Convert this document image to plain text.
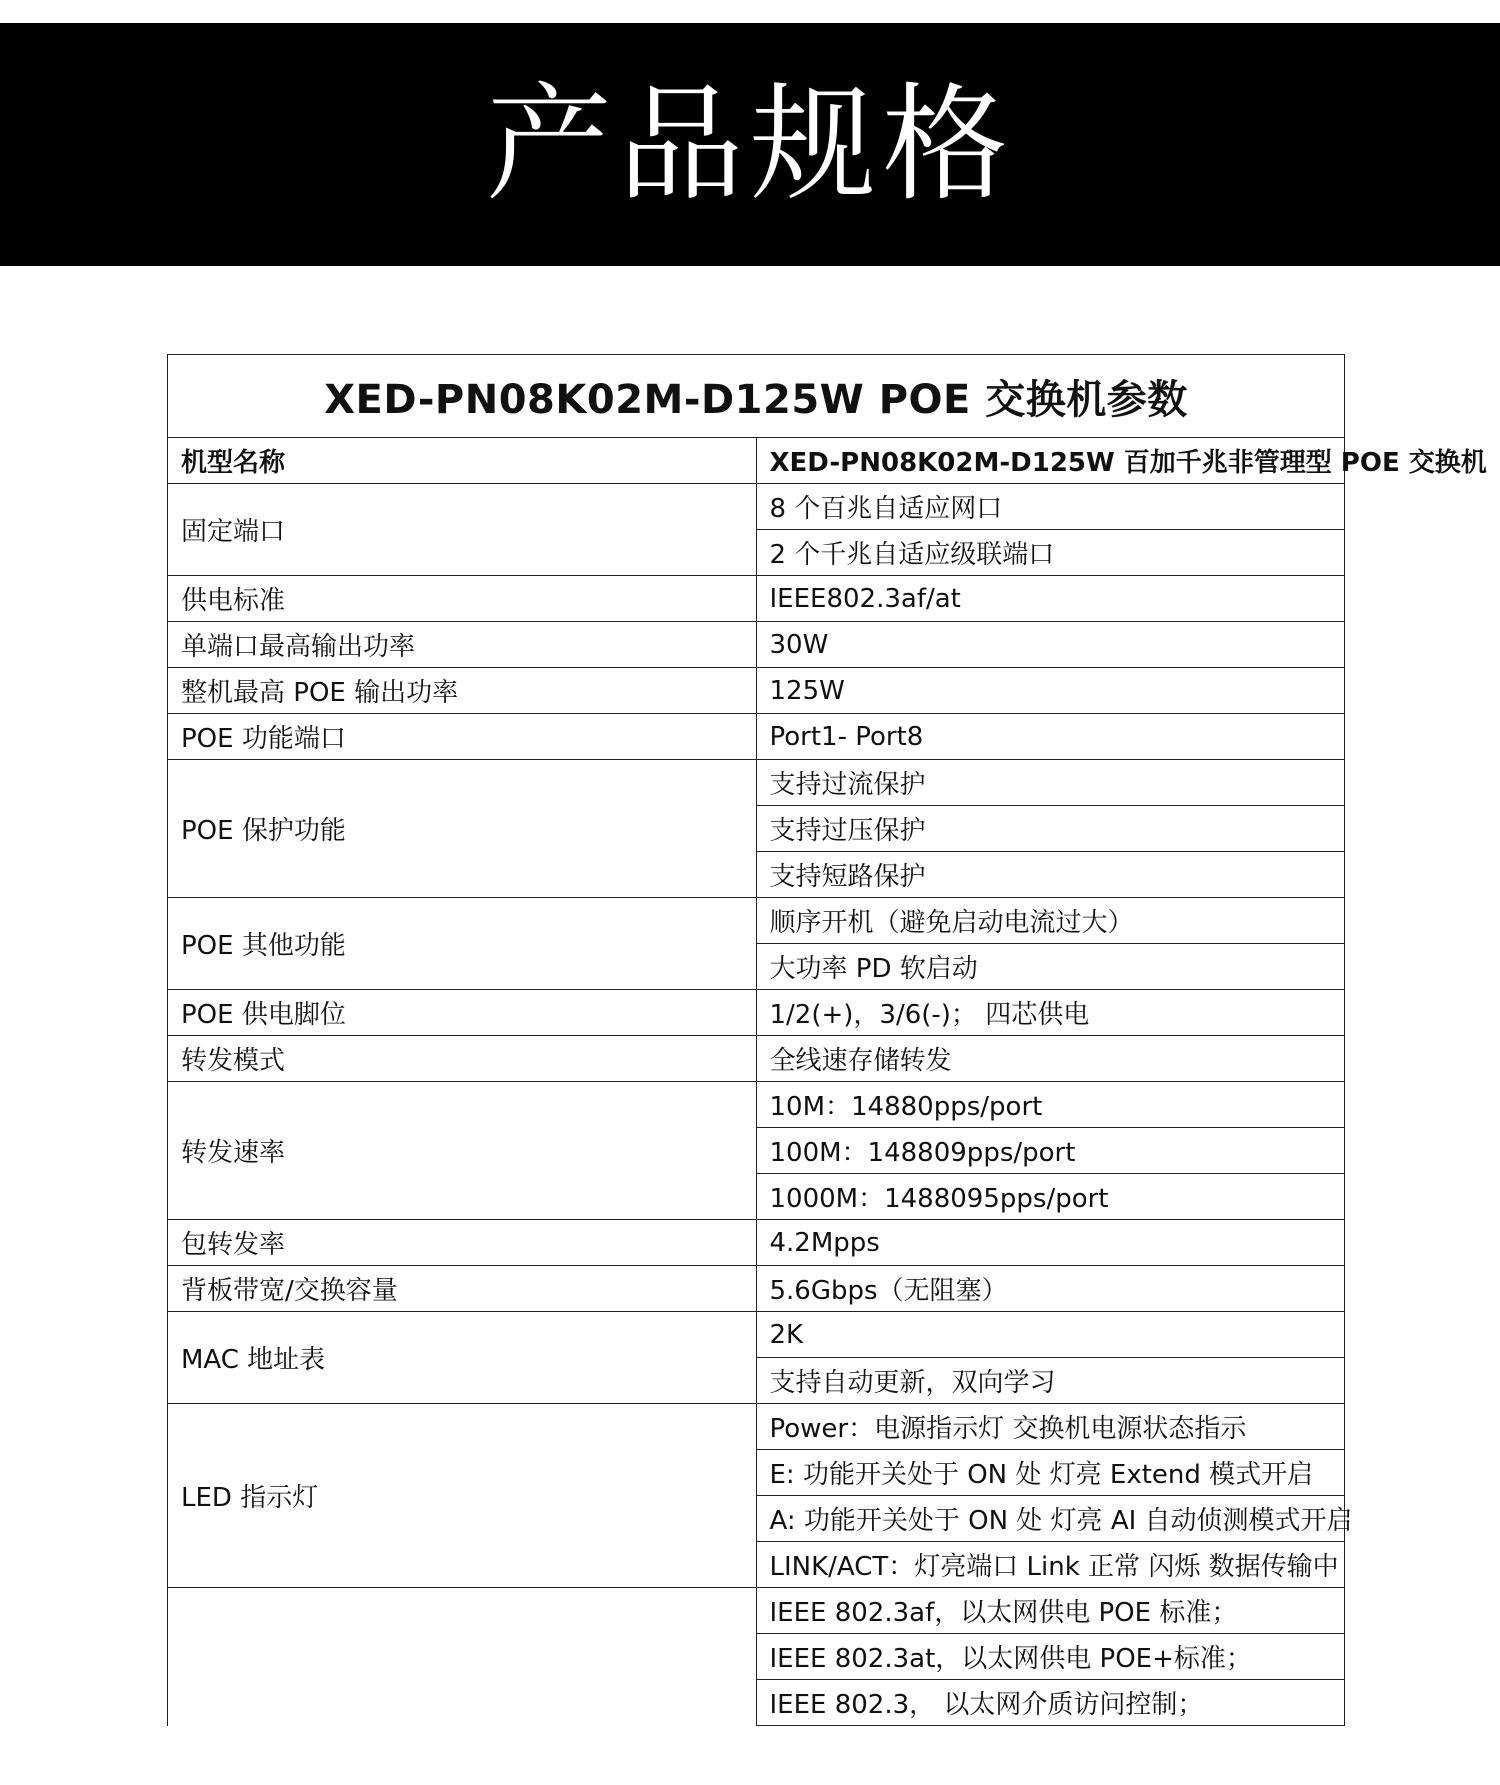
产品规格
XED-PN08K02M-D125W POE 交换机参数	
机型名称	XED-PN08K02M-D125W 百加千兆非管理型 POE 交换机
固定端口	8 个百兆自适应网口
	2 个千兆自适应级联端口
供电标准	IEEE802.3af/at
单端口最高输出功率	30W
整机最高 POE 输出功率	125W
POE 功能端口	Port1- Port8
POE 保护功能	支持过流保护
	支持过压保护
	支持短路保护
POE 其他功能	顺序开机（避免启动电流过大）
	大功率 PD 软启动
POE 供电脚位	1/2(+)，3/6(-)； 四芯供电
转发模式	全线速存储转发
转发速率	10M：14880pps/port
	100M：148809pps/port
	1000M：1488095pps/port
包转发率	4.2Mpps
背板带宽/交换容量	5.6Gbps（无阻塞）
MAC 地址表	2K
	支持自动更新，双向学习
LED 指示灯	Power：电源指示灯 交换机电源状态指示
	E: 功能开关处于 ON 处 灯亮 Extend 模式开启
	A: 功能开关处于 ON 处 灯亮 AI 自动侦测模式开启
	LINK/ACT：灯亮端口 Link 正常 闪烁 数据传输中
	IEEE 802.3af，以太网供电 POE 标准；
	IEEE 802.3at，以太网供电 POE+标准；
	IEEE 802.3， 以太网介质访问控制；
